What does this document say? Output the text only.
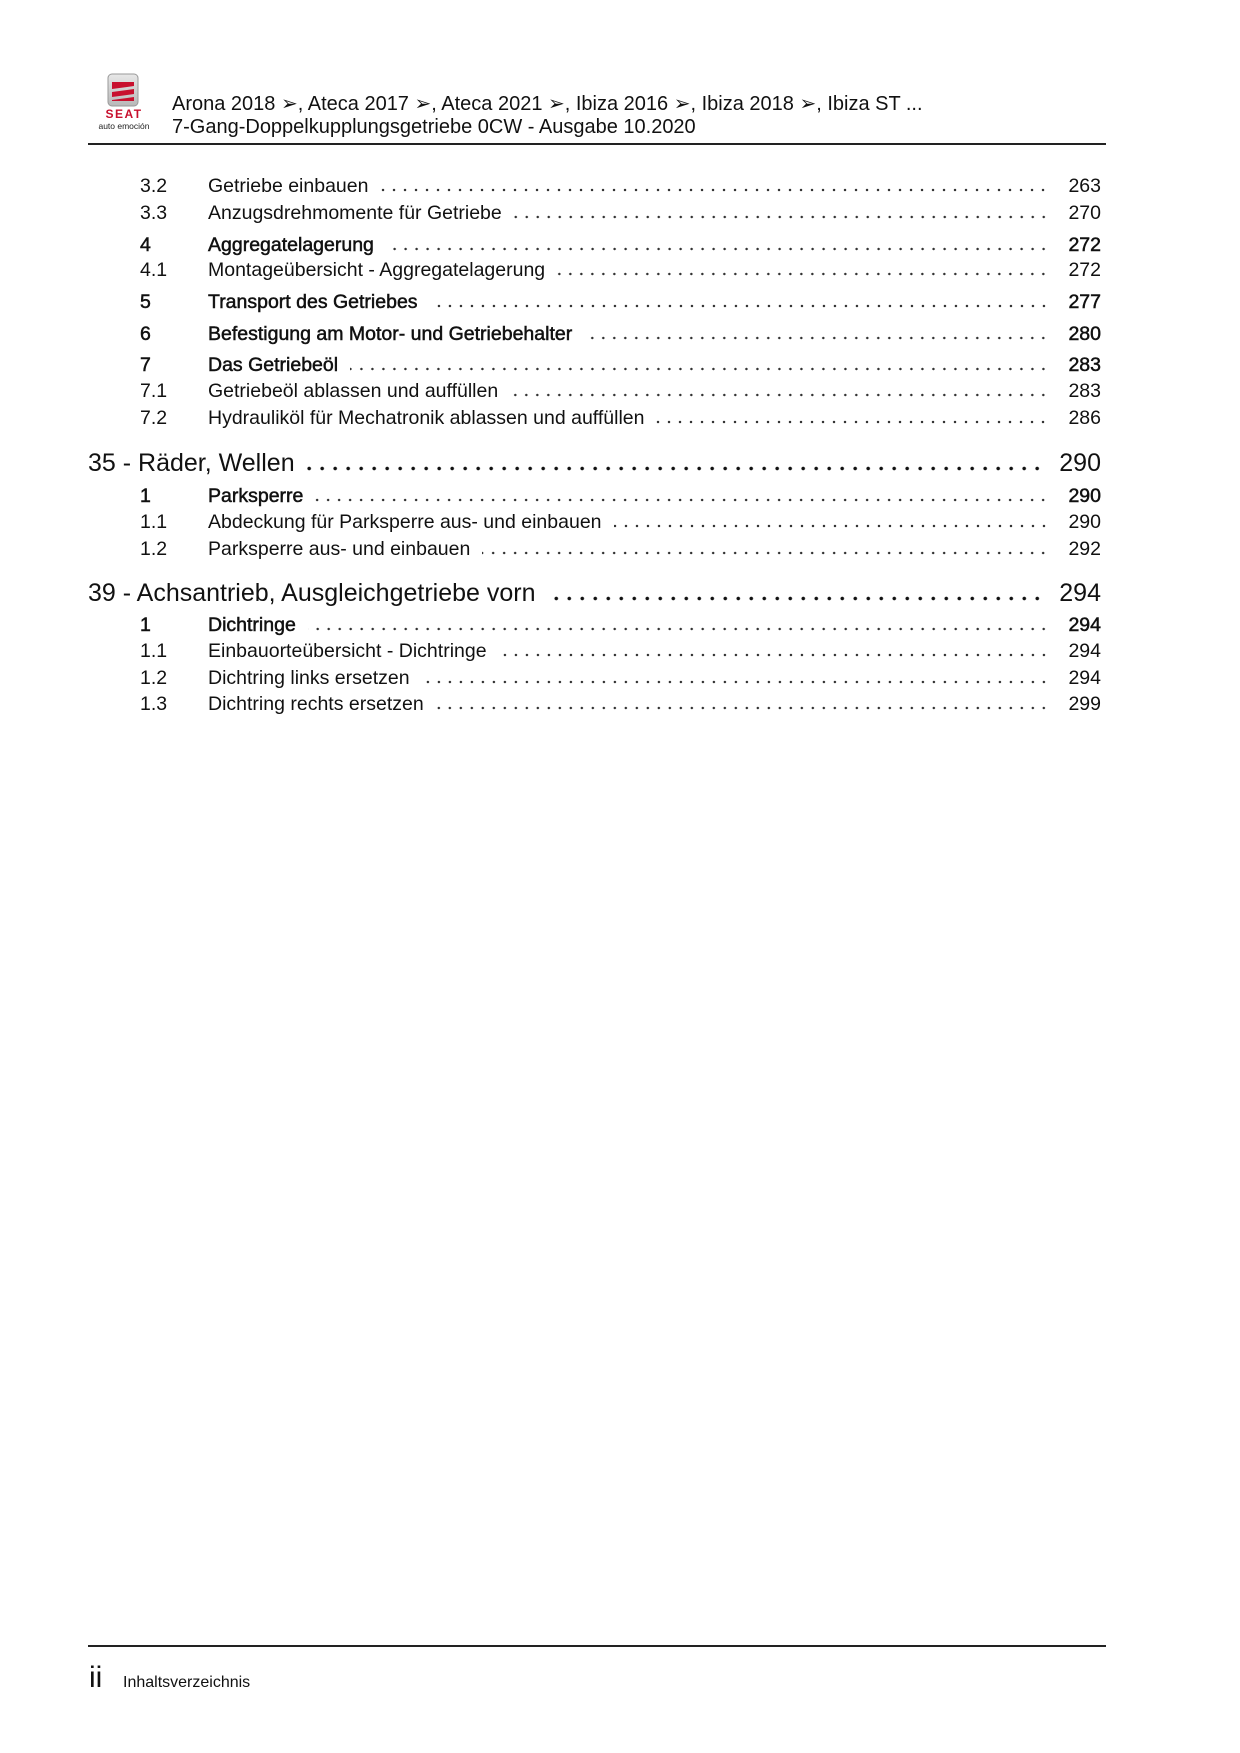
SEAT
auto emoción
Arona 2018 ➢, Ateca 2017 ➢, Ateca 2021 ➢, Ibiza 2016 ➢, Ibiza 2018 ➢, Ibiza ST ...
7-Gang-Doppelkupplungsgetriebe 0CW - Ausgabe 10.2020
3.2	Getriebe einbauen	263
3.3	Anzugsdrehmomente für Getriebe	270
4	Aggregatelagerung	272
4.1	Montageübersicht - Aggregatelagerung	272
5	Transport des Getriebes	277
6	Befestigung am Motor- und Getriebehalter	280
7	Das Getriebeöl	283
7.1	Getriebeöl ablassen und auffüllen	283
7.2	Hydrauliköl für Mechatronik ablassen und auffüllen	286
35 - Räder, Wellen	290
1	Parksperre	290
1.1	Abdeckung für Parksperre aus- und einbauen	290
1.2	Parksperre aus- und einbauen	292
39 - Achsantrieb, Ausgleichgetriebe vorn	294
1	Dichtringe	294
1.1	Einbauorteübersicht - Dichtringe	294
1.2	Dichtring links ersetzen	294
1.3	Dichtring rechts ersetzen	299
ii Inhaltsverzeichnis
